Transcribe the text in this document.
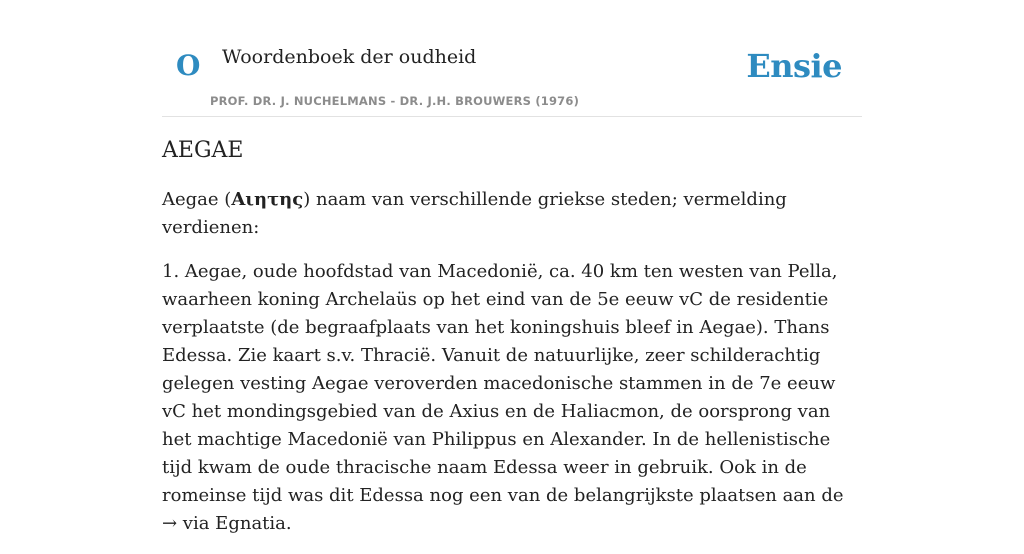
O Woordenboek der oudheid
PROF. DR. J. NUCHELMANS - DR. J.H. BROUWERS (1976)
Ensie
AEGAE

Aegae (Αιητης) naam van verschillende griekse steden; vermelding verdienen:

1. Aegae, oude hoofdstad van Macedonië, ca. 40 km ten westen van Pella, waarheen koning Archelaüs op het eind van de 5e eeuw vC de residentie verplaatste (de begraafplaats van het koningshuis bleef in Aegae). Thans Edessa. Zie kaart s.v. Thracië. Vanuit de natuurlijke, zeer schilderachtig gelegen vesting Aegae veroverden macedonische stammen in de 7e eeuw vC het mondingsgebied van de Axius en de Haliacmon, de oorsprong van het machtige Macedonië van Philippus en Alexander. In de hellenistische tijd kwam de oude thracische naam Edessa weer in gebruik. Ook in de romeinse tijd was dit Edessa nog een van de belangrijkste plaatsen aan de → via Egnatia.
